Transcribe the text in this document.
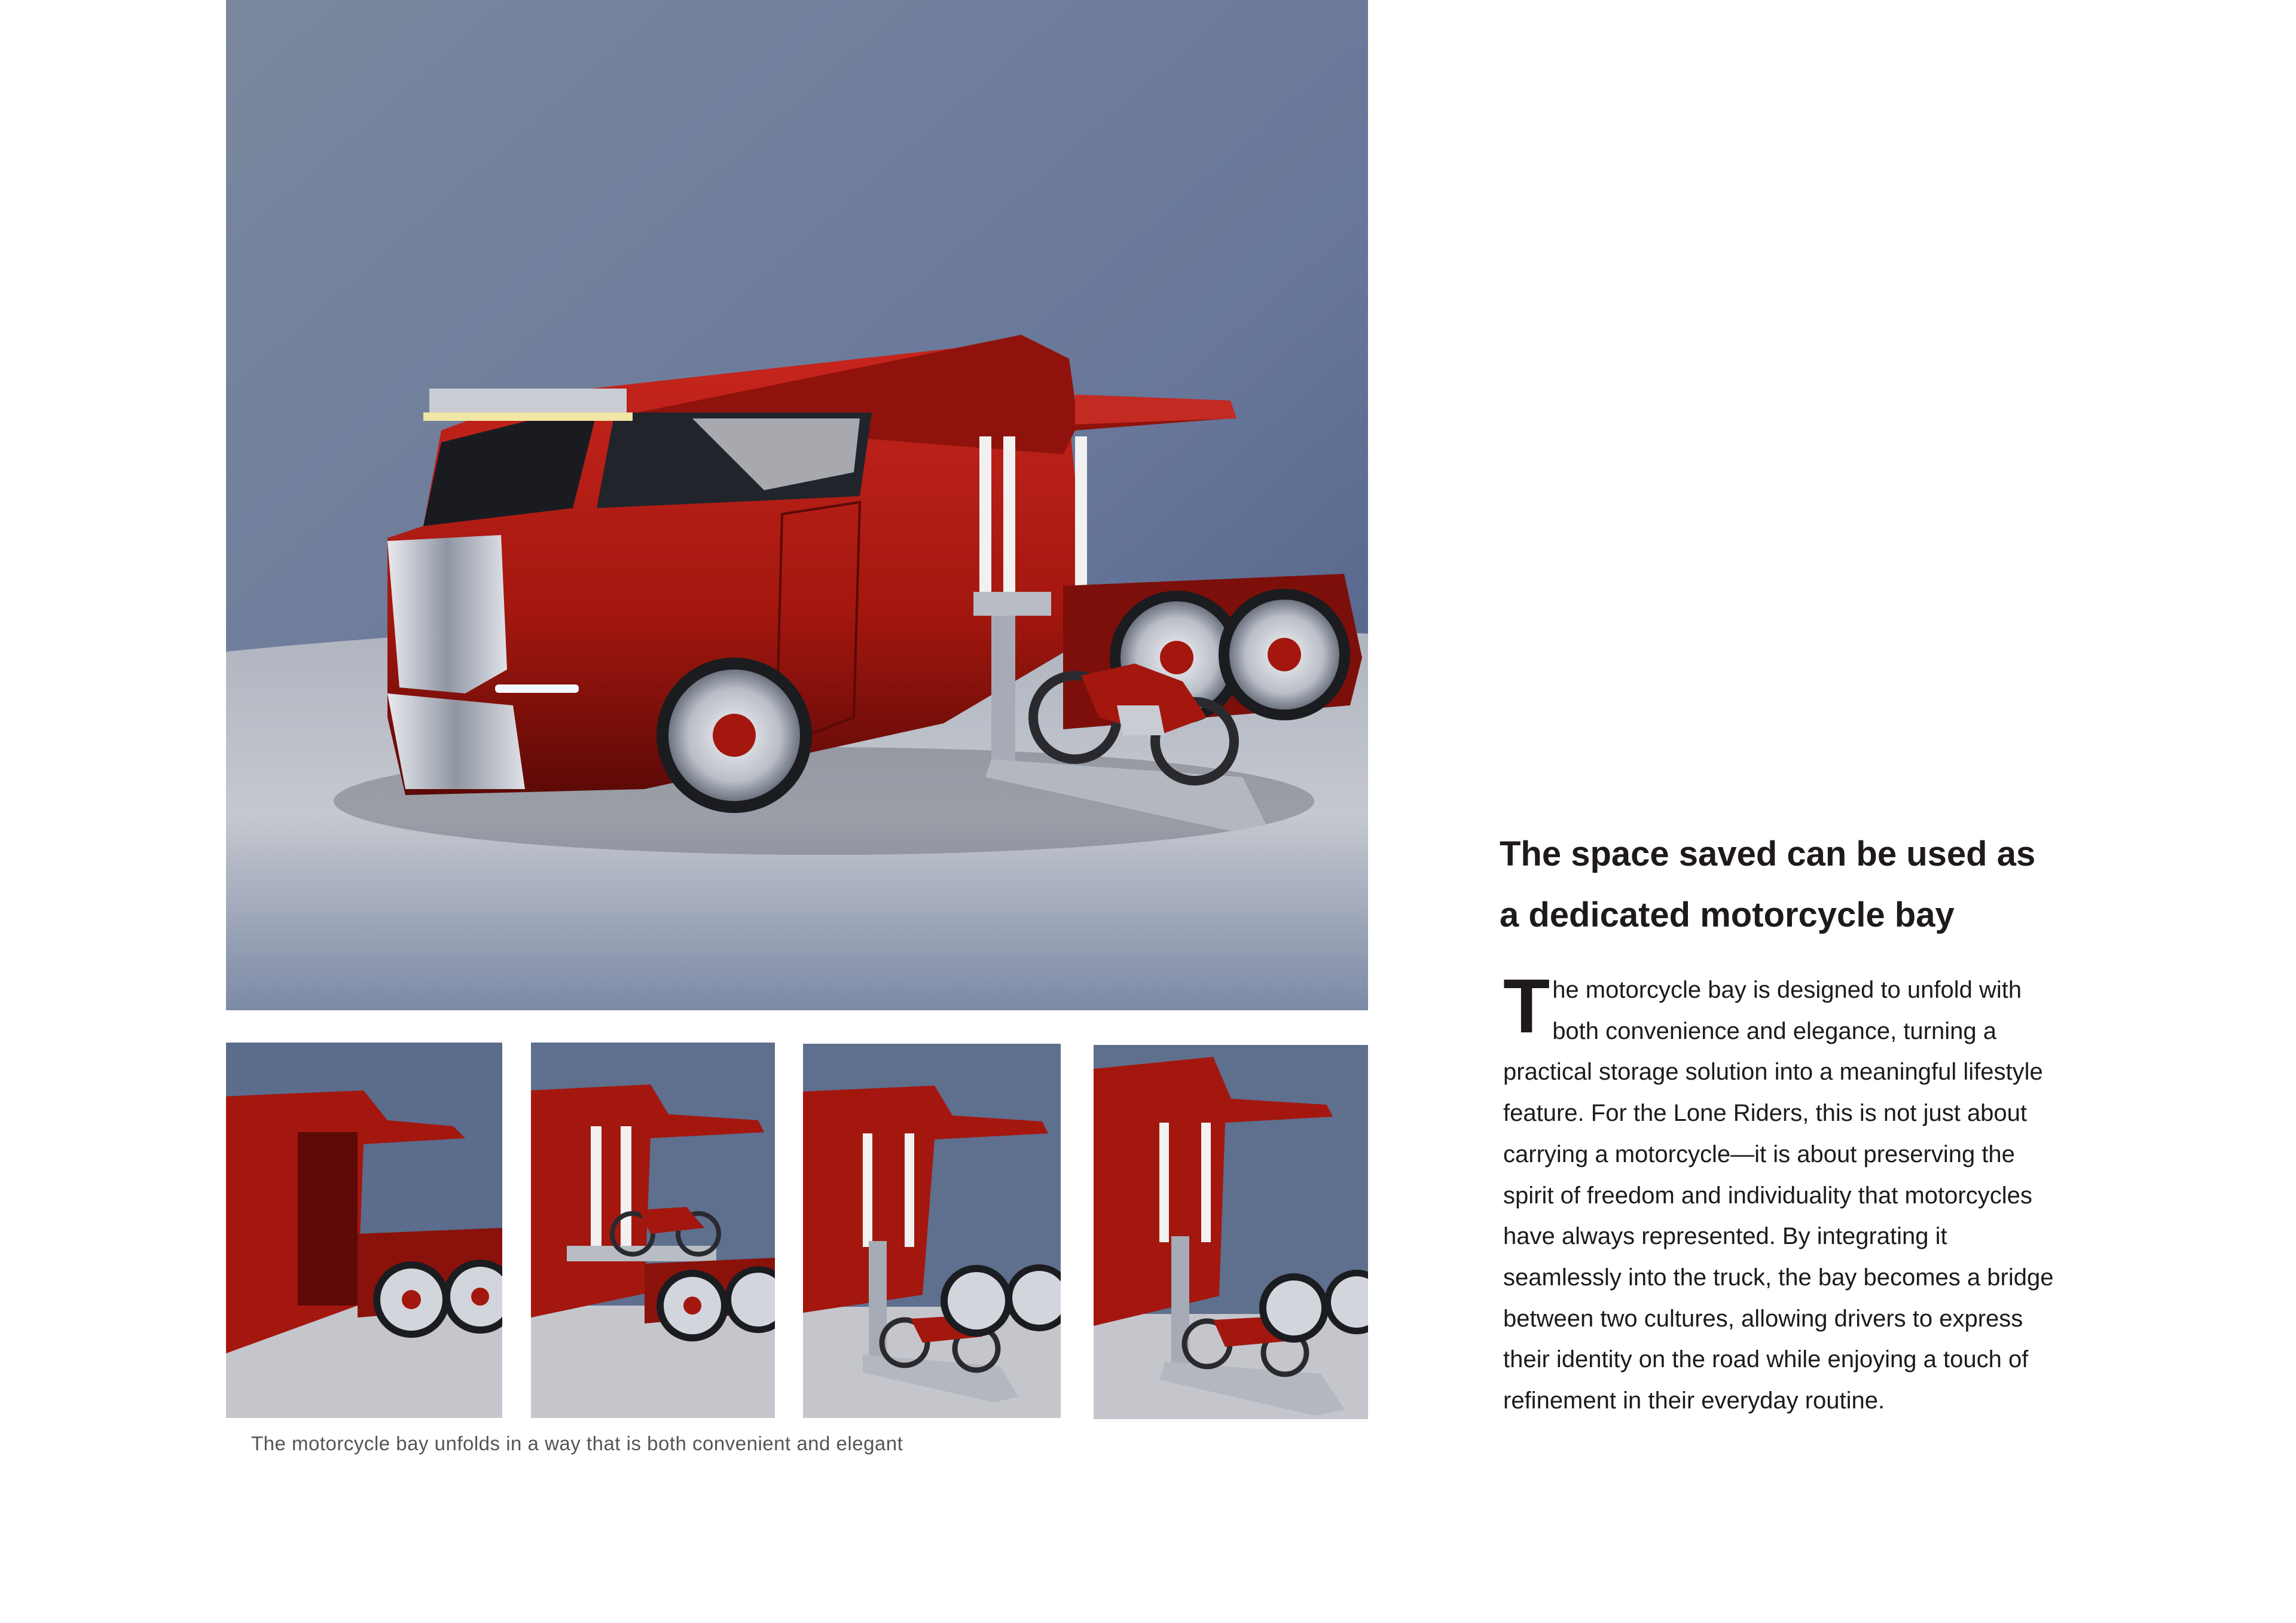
The motorcycle bay unfolds in a way that is both convenient and elegant
The space saved can be used as
a dedicated motorcycle bay

The motorcycle bay is designed to unfold with both convenience and elegance, turning a practical storage solution into a meaningful lifestyle feature. For the Lone Riders, this is not just about carrying a motorcycle—it is about preserving the spirit of freedom and individuality that motorcycles have always represented. By integrating it seamlessly into the truck, the bay becomes a bridge between two cultures, allowing drivers to express their identity on the road while enjoying a touch of refinement in their everyday routine.
